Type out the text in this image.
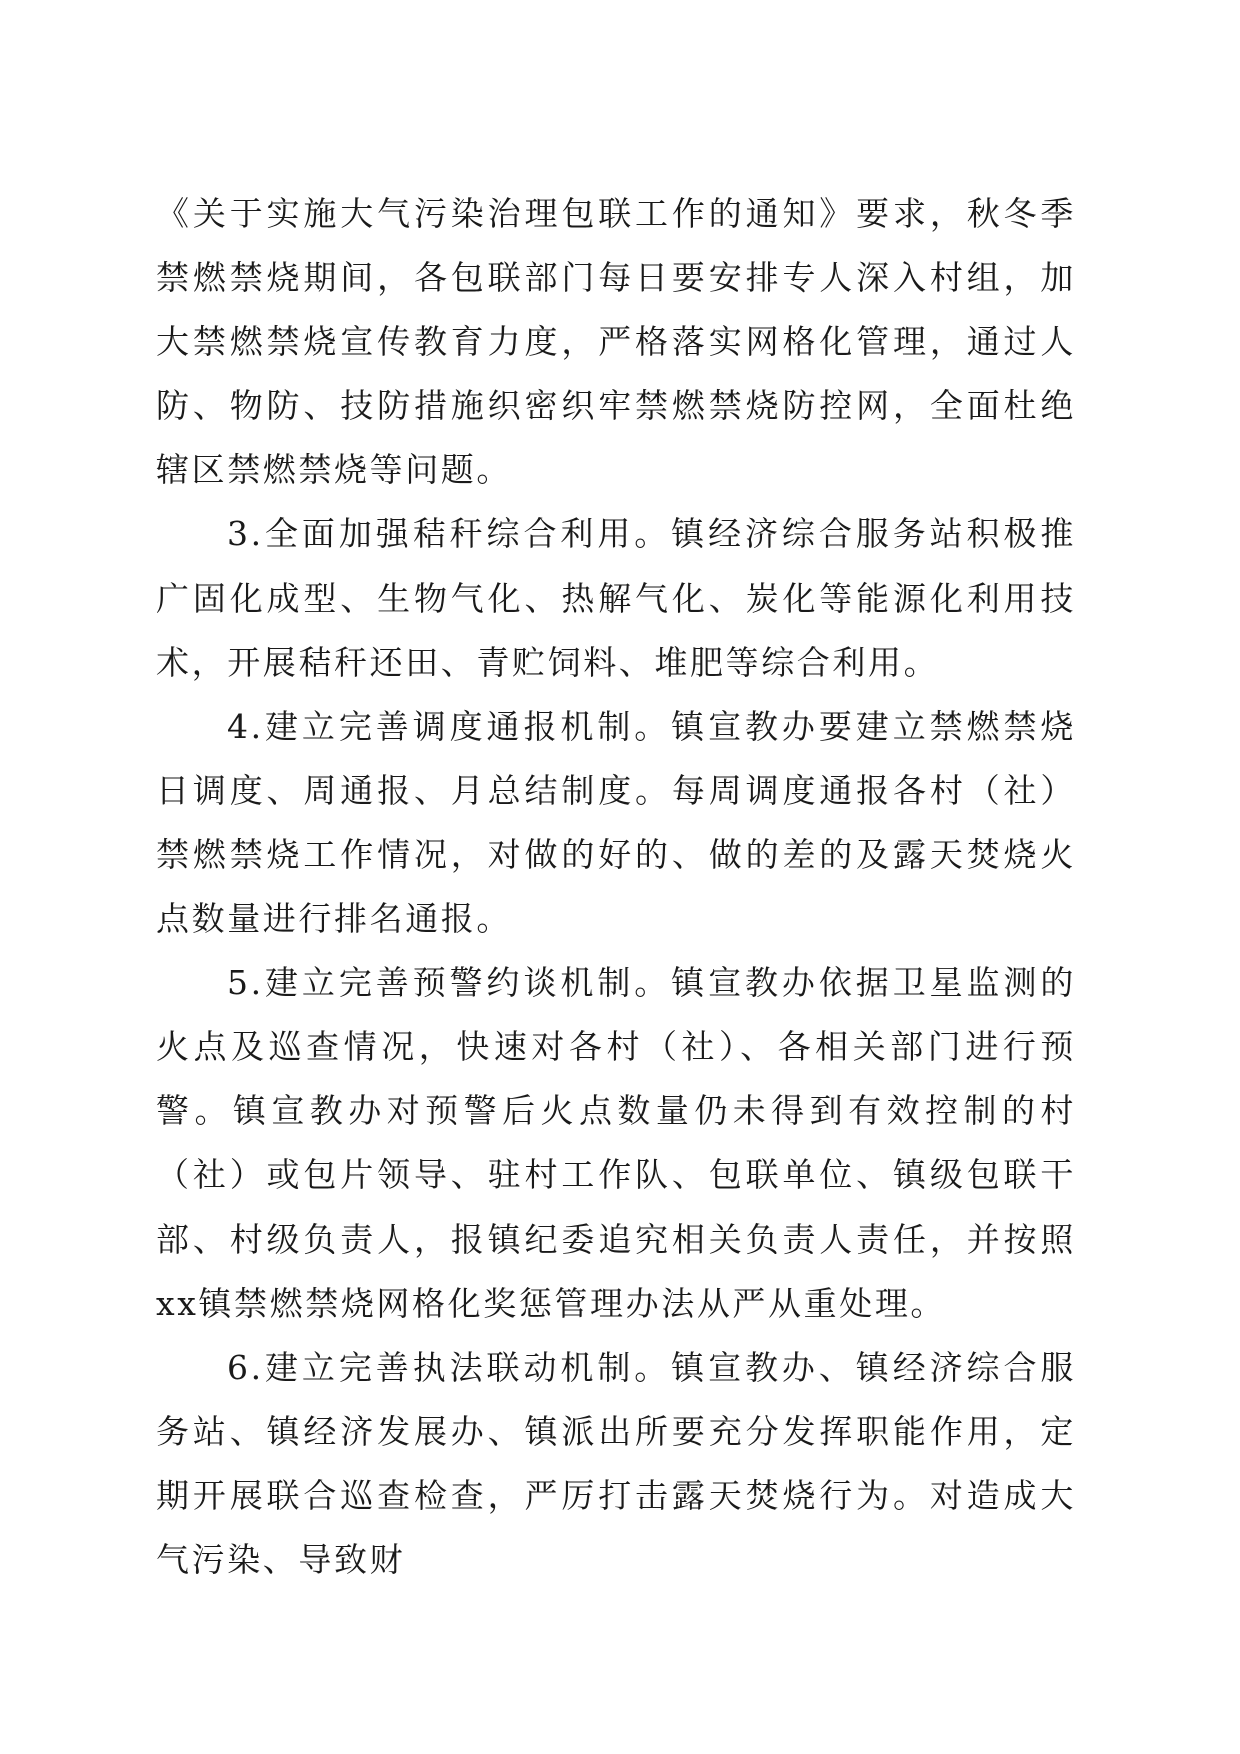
《关于实施大气污染治理包联工作的通知》要求，秋冬季禁燃禁烧期间，各包联部门每日要安排专人深入村组，加大禁燃禁烧宣传教育力度，严格落实网格化管理，通过人防、物防、技防措施织密织牢禁燃禁烧防控网，全面杜绝辖区禁燃禁烧等问题。

3.全面加强秸秆综合利用。镇经济综合服务站积极推广固化成型、生物气化、热解气化、炭化等能源化利用技术，开展秸秆还田、青贮饲料、堆肥等综合利用。

4.建立完善调度通报机制。镇宣教办要建立禁燃禁烧日调度、周通报、月总结制度。每周调度通报各村（社）禁燃禁烧工作情况，对做的好的、做的差的及露天焚烧火点数量进行排名通报。

5.建立完善预警约谈机制。镇宣教办依据卫星监测的火点及巡查情况，快速对各村（社）、各相关部门进行预警。镇宣教办对预警后火点数量仍未得到有效控制的村（社）或包片领导、驻村工作队、包联单位、镇级包联干部、村级负责人，报镇纪委追究相关负责人责任，并按照xx镇禁燃禁烧网格化奖惩管理办法从严从重处理。

6.建立完善执法联动机制。镇宣教办、镇经济综合服务站、镇经济发展办、镇派出所要充分发挥职能作用，定期开展联合巡查检查，严厉打击露天焚烧行为。对造成大气污染、导致财
